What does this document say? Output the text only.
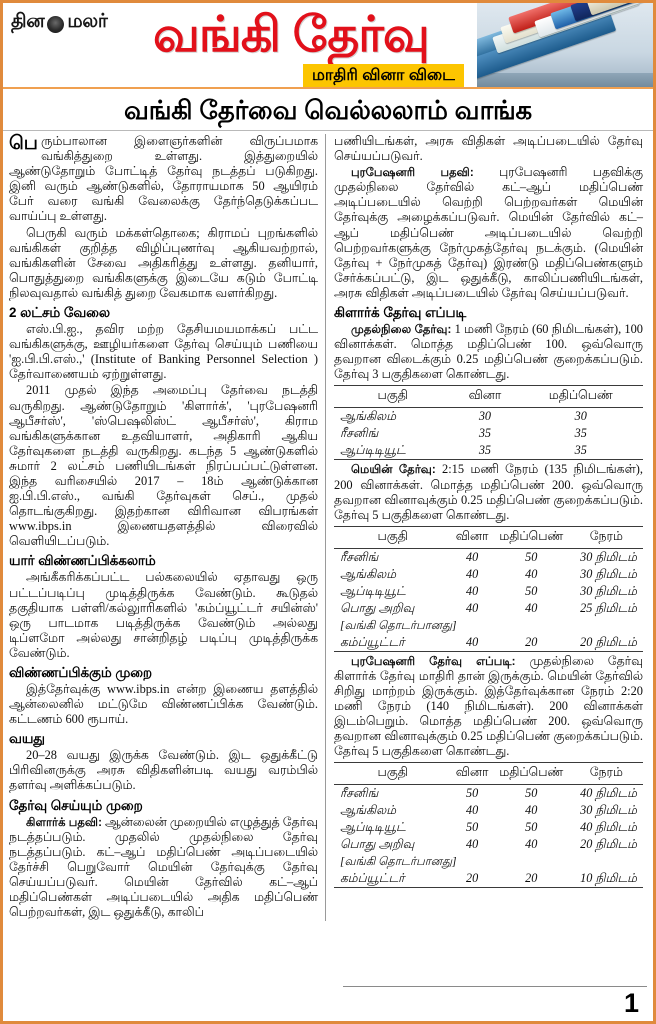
தின மலர் வங்கி தேர்வு
மாதிரி வினா விடை
வங்கி தேர்வை வெல்லலாம் வாங்க

பெரும்பாலான இளைஞர்களின் விருப்பமாக வங்கித்துறை உள்ளது. இத்துறையில் ஆண்டுதோறும் போட்டித் தேர்வு நடத்தப் படுகிறது. இனி வரும் ஆண்டுகளில், தோராயமாக 50 ஆயிரம் பேர் வரை வங்கி வேலைக்கு தேர்ந்தெடுக்கப்பட வாய்ப்பு உள்ளது.

பெருகி வரும் மக்கள்தொகை; கிராமப் புறங்களில் வங்கிகள் குறித்த விழிப்புணர்வு ஆகியவற்றால், வங்கிகளின் சேவை அதிகரித்து உள்ளது. தனியார், பொதுத்துறை வங்கிகளுக்கு இடையே கடும் போட்டி நிலவுவதால் வங்கித் துறை வேகமாக வளர்கிறது.

2 லட்சம் வேலை

எஸ்.பி.ஐ., தவிர மற்ற தேசியமயமாக்கப் பட்ட வங்கிகளுக்கு, ஊழியர்களை தேர்வு செய்யும் பணியை 'ஐ.பி.பி.எஸ்.,' (Institute of Banking Personnel Selection ) தேர்வாணையம் ஏற்றுள்ளது.

2011 முதல் இந்த அமைப்பு தேர்வை நடத்தி வருகிறது. ஆண்டுதோறும் 'கிளார்க்', 'புரபேஷனரி ஆபீசர்ஸ்', 'ஸ்பெஷலிஸ்ட் ஆபீசர்ஸ்', கிராம வங்கிகளுக்கான உதவியாளர், அதிகாரி ஆகிய தேர்வுகளை நடத்தி வருகிறது. கடந்த 5 ஆண்டுகளில் சுமார் 2 லட்சம் பணியிடங்கள் நிரப்பப்பட்டுள்ளன. இந்த வரிசையில் 2017 – 18ம் ஆண்டுக்கான ஐ.பி.பி.எஸ்., வங்கி தேர்வுகள் செப்., முதல் தொடங்குகிறது. இதற்கான விரிவான விபரங்கள் www.ibps.in இணையதளத்தில் விரைவில் வெளியிடப்படும்.

யார் விண்ணப்பிக்கலாம்

அங்கீகரிக்கப்பட்ட பல்கலையில் ஏதாவது ஒரு பட்டப்படிப்பு முடித்திருக்க வேண்டும். கூடுதல் தகுதியாக பள்ளி/கல்லுாரிகளில் 'கம்ப்யூட்டர் சயின்ஸ்' ஒரு பாடமாக படித்திருக்க வேண்டும் அல்லது டிப்ளமோ அல்லது சான்றிதழ் படிப்பு முடித்திருக்க வேண்டும்.

விண்ணப்பிக்கும் முறை

இத்தேர்வுக்கு www.ibps.in என்ற இணைய தளத்தில் ஆன்லைனில் மட்டுமே விண்ணப்பிக்க வேண்டும். கட்டணம் 600 ரூபாய்.

வயது

20–28 வயது இருக்க வேண்டும். இட ஒதுக்கீட்டு பிரிவினருக்கு அரசு விதிகளின்படி வயது வரம்பில் தளர்வு அளிக்கப்படும்.

தேர்வு செய்யும் முறை

கிளார்க் பதவி: ஆன்லைன் முறையில் எழுத்துத் தேர்வு நடத்தப்படும். முதலில் முதல்நிலை தேர்வு நடத்தப்படும். கட்–ஆப் மதிப்பெண் அடிப்படையில் தேர்ச்சி பெறுவோர் மெயின் தேர்வுக்கு தேர்வு செய்யப்படுவர். மெயின் தேர்வில் கட்–ஆப் மதிப்பெண்கள் அடிப்படையில் அதிக மதிப்பெண் பெற்றவர்கள், இட ஒதுக்கீடு, காலிப்

பணியிடங்கள், அரசு விதிகள் அடிப்படையில் தேர்வு செய்யப்படுவர்.

புரபேஷனரி பதவி: புரபேஷனரி பதவிக்கு முதல்நிலை தேர்வில் கட்–ஆப் மதிப்பெண் அடிப்படையில் வெற்றி பெற்றவர்கள் மெயின் தேர்வுக்கு அழைக்கப்படுவர். மெயின் தேர்வில் கட்–ஆப் மதிப்பெண் அடிப்படையில் வெற்றி பெற்றவர்களுக்கு நேர்முகத்தேர்வு நடக்கும். (மெயின் தேர்வு + நேர்முகத் தேர்வு) இரண்டு மதிப்பெண்களும் சேர்க்கப்பட்டு, இட ஒதுக்கீடு, காலிப்பணியிடங்கள், அரசு விதிகள் அடிப்படையில் தேர்வு செய்யப்படுவர்.

கிளார்க் தேர்வு எப்படி

முதல்நிலை தேர்வு: 1 மணி நேரம் (60 நிமிடங்கள்), 100 வினாக்கள். மொத்த மதிப்பெண் 100. ஒவ்வொரு தவறான விடைக்கும் 0.25 மதிப்பெண் குறைக்கப்படும். தேர்வு 3 பகுதிகளை கொண்டது.

பகுதி	வினா	மதிப்பெண்
ஆங்கிலம்	30	30
ரீசனிங்	35	35
ஆப்டிடியூட்	35	35

மெயின் தேர்வு: 2:15 மணி நேரம் (135 நிமிடங்கள்), 200 வினாக்கள். மொத்த மதிப்பெண் 200. ஒவ்வொரு தவறான வினாவுக்கும் 0.25 மதிப்பெண் குறைக்கப்படும். தேர்வு 5 பகுதிகளை கொண்டது.

பகுதி	வினா	மதிப்பெண்	நேரம்
ரீசனிங்	40	50	30 நிமிடம்
ஆங்கிலம்	40	40	30 நிமிடம்
ஆப்டிடியூட்	40	50	30 நிமிடம்
பொது அறிவு	40	40	25 நிமிடம்
[வங்கி தொடர்பானது]			
கம்ப்யூட்டர்	40	20	20 நிமிடம்

புரபேஷனரி தேர்வு எப்படி: முதல்நிலை தேர்வு கிளார்க் தேர்வு மாதிரி தான் இருக்கும். மெயின் தேர்வில் சிறிது மாற்றம் இருக்கும். இத்தேர்வுக்கான நேரம் 2:20 மணி நேரம் (140 நிமிடங்கள்). 200 வினாக்கள் இடம்பெறும். மொத்த மதிப்பெண் 200. ஒவ்வொரு தவறான வினாவுக்கும் 0.25 மதிப்பெண் குறைக்கப்படும். தேர்வு 5 பகுதிகளை கொண்டது.

பகுதி	வினா	மதிப்பெண்	நேரம்
ரீசனிங்	50	50	40 நிமிடம்
ஆங்கிலம்	40	40	30 நிமிடம்
ஆப்டிடியூட்	50	50	40 நிமிடம்
பொது அறிவு	40	40	20 நிமிடம்
[வங்கி தொடர்பானது]			
கம்ப்யூட்டர்	20	20	10 நிமிடம்
1
